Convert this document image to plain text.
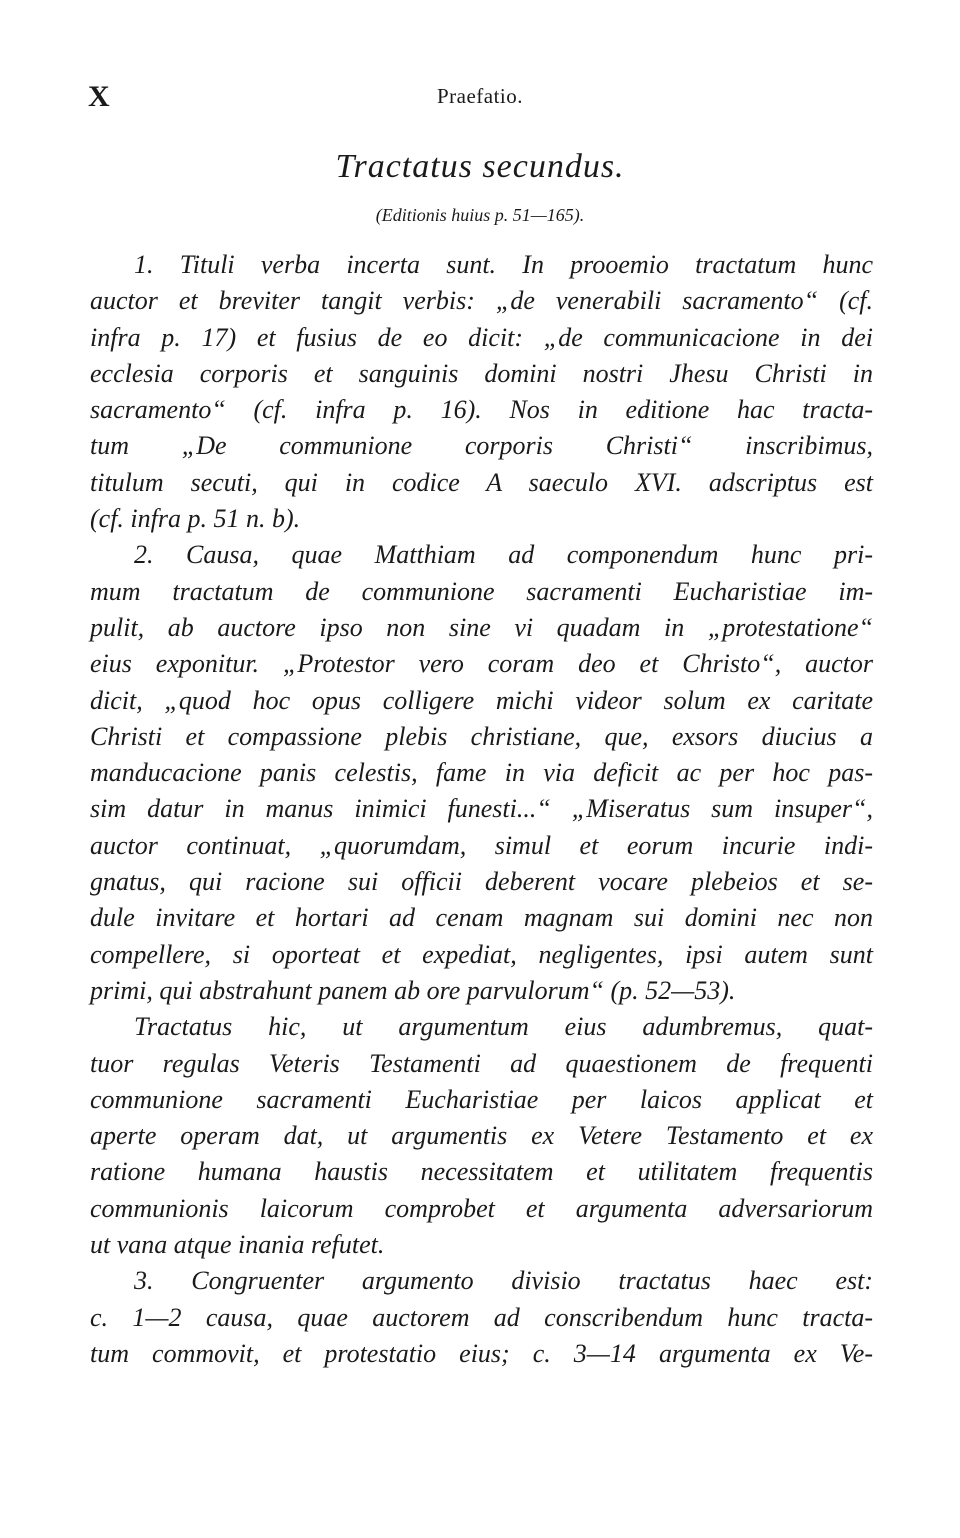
X	Praefatio.
Tractatus secundus.
(Editionis huius p. 51—165).
1. Tituli verba incerta sunt. In prooemio tractatum hunc
auctor et breviter tangit verbis: „de venerabili sacramento“ (cf.
infra p. 17) et fusius de eo dicit: „de communicacione in dei
ecclesia corporis et sanguinis domini nostri Jhesu Christi in
sacramento“ (cf. infra p. 16). Nos in editione hac tracta-
tum „De communione corporis Christi“ inscribimus,
titulum secuti, qui in codice A saeculo XVI. adscriptus est
(cf. infra p. 51 n. b).
2. Causa, quae Matthiam ad componendum hunc pri-
mum tractatum de communione sacramenti Eucharistiae im-
pulit, ab auctore ipso non sine vi quadam in „protestatione“
eius exponitur. „Protestor vero coram deo et Christo“, auctor
dicit, „quod hoc opus colligere michi videor solum ex caritate
Christi et compassione plebis christiane, que, exsors diucius a
manducacione panis celestis, fame in via deficit ac per hoc pas-
sim datur in manus inimici funesti...“ „Miseratus sum insuper“,
auctor continuat, „quorumdam, simul et eorum incurie indi-
gnatus, qui racione sui officii deberent vocare plebeios et se-
dule invitare et hortari ad cenam magnam sui domini nec non
compellere, si oporteat et expediat, negligentes, ipsi autem sunt
primi, qui abstrahunt panem ab ore parvulorum“ (p. 52—53).
Tractatus hic, ut argumentum eius adumbremus, quat-
tuor regulas Veteris Testamenti ad quaestionem de frequenti
communione sacramenti Eucharistiae per laicos applicat et
aperte operam dat, ut argumentis ex Vetere Testamento et ex
ratione humana haustis necessitatem et utilitatem frequentis
communionis laicorum comprobet et argumenta adversariorum
ut vana atque inania refutet.
3. Congruenter argumento divisio tractatus haec est:
c. 1—2 causa, quae auctorem ad conscribendum hunc tracta-
tum commovit, et protestatio eius; c. 3—14 argumenta ex Ve-
